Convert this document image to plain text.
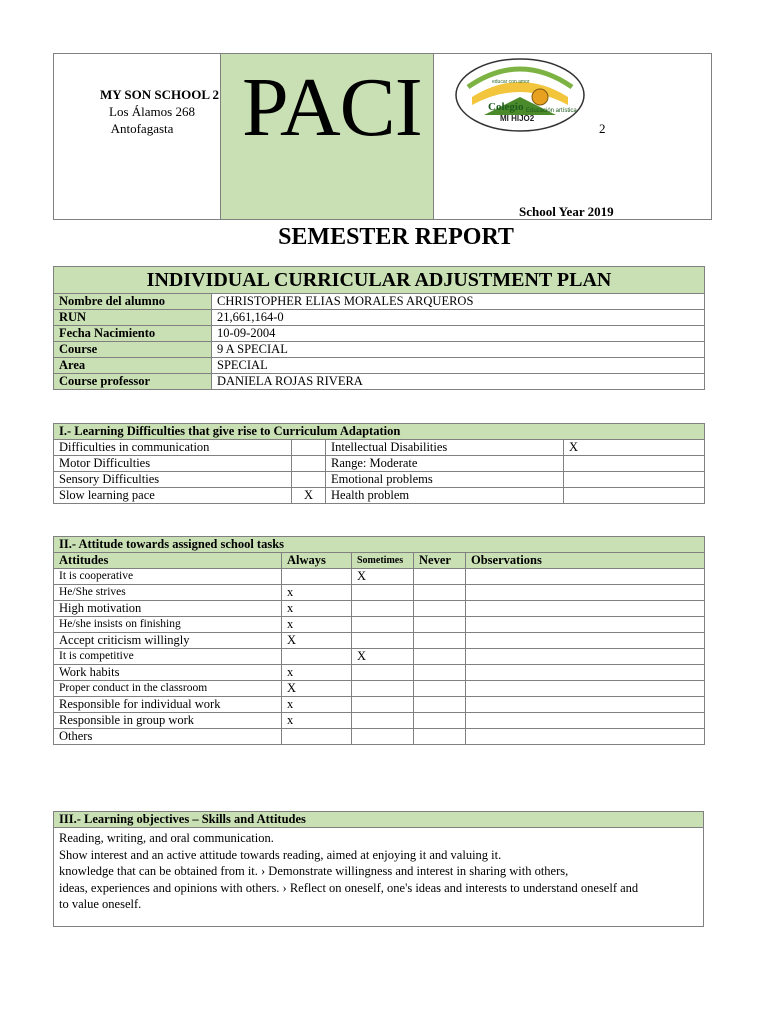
MY SON SCHOOL 2
Los Álamos 268
Antofagasta PACI	Colegio Educación artística
MI HIJO2
educar con amor
2
School Year 2019
SEMESTER REPORT
INDIVIDUAL CURRICULAR ADJUSTMENT PLAN	
Nombre del alumno	CHRISTOPHER ELIAS MORALES ARQUEROS
RUN	21,661,164-0
Fecha Nacimiento	10-09-2004
Course	9 A SPECIAL
Area	SPECIAL
Course professor	DANIELA ROJAS RIVERA
I.- Learning Difficulties that give rise to Curriculum Adaptation			
Difficulties in communication		Intellectual Disabilities	X
Motor Difficulties		Range: Moderate	
Sensory Difficulties		Emotional problems	
Slow learning pace	X	Health problem	
II.- Attitude towards assigned school tasks				
Attitudes	Always	Sometimes	Never	Observations
It is cooperative		X		
He/She strives	x			
High motivation	x			
He/she insists on finishing	x			
Accept criticism willingly	X			
It is competitive		X		
Work habits	x			
Proper conduct in the classroom	X			
Responsible for individual work	x			
Responsible in group work	x			
Others				
III.- Learning objectives – Skills and Attitudes

Reading, writing, and oral communication.
Show interest and an active attitude towards reading, aimed at enjoying it and valuing it.
knowledge that can be obtained from it. › Demonstrate willingness and interest in sharing with others,
ideas, experiences and opinions with others. › Reflect on oneself, one's ideas and interests to understand oneself and
to value oneself.
